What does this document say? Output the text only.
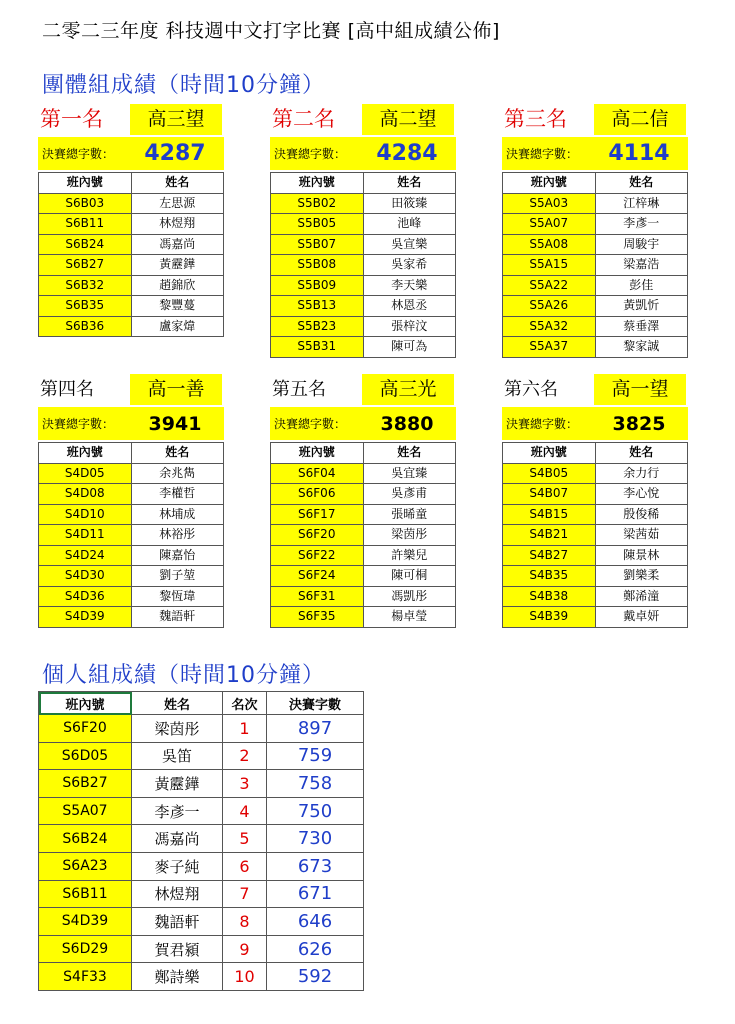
二零二三年度 科技週中文打字比賽 [高中組成績公佈]
團體組成績（時間10分鐘）
第一名	高三望
決賽總字數：	4287
班內號	姓名
S6B03	左思源
S6B11	林煜翔
S6B24	馮嘉尚
S6B27	黃靂鏵
S6B32	趙錦欣
S6B35	黎豐蔓
S6B36	盧家煒
第二名	高二望
決賽總字數：	4284
班內號	姓名
S5B02	田筱臻
S5B05	池峰
S5B07	吳宣樂
S5B08	吳家希
S5B09	李天樂
S5B13	林恩丞
S5B23	張梓汶
S5B31	陳可為
第三名	高二信
決賽總字數：	4114
班內號	姓名
S5A03	江梓琳
S5A07	李彥一
S5A08	周駿宇
S5A15	梁嘉浩
S5A22	彭佳
S5A26	黃凱忻
S5A32	蔡垂澤
S5A37	黎家誠
第四名	高一善
決賽總字數：	3941
班內號	姓名
S4D05	余兆雋
S4D08	李權哲
S4D10	林埔成
S4D11	林裕彤
S4D24	陳嘉怡
S4D30	劉子堃
S4D36	黎恆瑋
S4D39	魏語軒
第五名	高三光
決賽總字數：	3880
班內號	姓名
S6F04	吳宜臻
S6F06	吳彥甫
S6F17	張晞童
S6F20	梁茵彤
S6F22	許樂兒
S6F24	陳可桐
S6F31	馮凱彤
S6F35	楊卓瑩
第六名	高一望
決賽總字數：	3825
班內號	姓名
S4B05	余力行
S4B07	李心悅
S4B15	殷俊稀
S4B21	梁茜茹
S4B27	陳景林
S4B35	劉樂柔
S4B38	鄭浠潼
S4B39	戴卓妍
個人組成績（時間10分鐘）
班內號	姓名	名次	決賽字數
S6F20	梁茵彤	1	897
S6D05	吳笛	2	759
S6B27	黃靂鏵	3	758
S5A07	李彥一	4	750
S6B24	馮嘉尚	5	730
S6A23	麥子純	6	673
S6B11	林煜翔	7	671
S4D39	魏語軒	8	646
S6D29	賀君潁	9	626
S4F33	鄭詩樂	10	592
